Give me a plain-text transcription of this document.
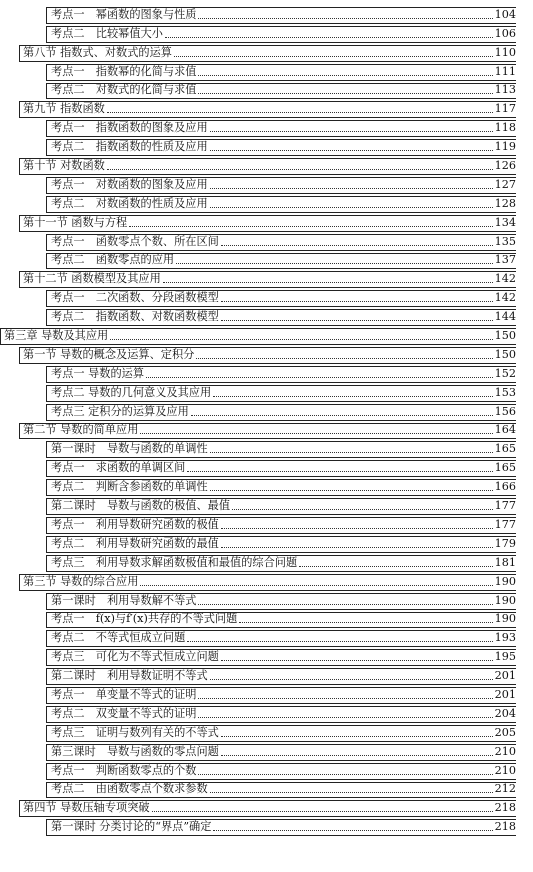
考点一　幂函数的图象与性质	104
考点二　比较幂值大小	106
第八节 指数式、对数式的运算	110
考点一　指数幂的化简与求值	111
考点二　对数式的化简与求值	113
第九节 指数函数	117
考点一　指数函数的图象及应用	118
考点二　指数函数的性质及应用	119
第十节 对数函数	126
考点一　对数函数的图象及应用	127
考点二　对数函数的性质及应用	128
第十一节 函数与方程	134
考点一　函数零点个数、所在区间	135
考点二　函数零点的应用	137
第十二节 函数模型及其应用	142
考点一　二次函数、分段函数模型	142
考点二　指数函数、对数函数模型	144
第三章 导数及其应用	150
第一节 导数的概念及运算、定积分	150
考点一 导数的运算	152
考点二 导数的几何意义及其应用	153
考点三 定积分的运算及应用	156
第二节 导数的简单应用	164
第一课时　导数与函数的单调性	165
考点一　求函数的单调区间	165
考点二　判断含参函数的单调性	166
第二课时　导数与函数的极值、最值	177
考点一　利用导数研究函数的极值	177
考点二　利用导数研究函数的最值	179
考点三　利用导数求解函数极值和最值的综合问题	181
第三节 导数的综合应用	190
第一课时　利用导数解不等式	190
考点一　f(x)与f′(x)共存的不等式问题	190
考点二　不等式恒成立问题	193
考点三　可化为不等式恒成立问题	195
第二课时　利用导数证明不等式	201
考点一　单变量不等式的证明	201
考点二　双变量不等式的证明	204
考点三　证明与数列有关的不等式	205
第三课时　导数与函数的零点问题	210
考点一　判断函数零点的个数	210
考点二　由函数零点个数求参数	212
第四节 导数压轴专项突破	218
第一课时 分类讨论的“界点”确定	218
